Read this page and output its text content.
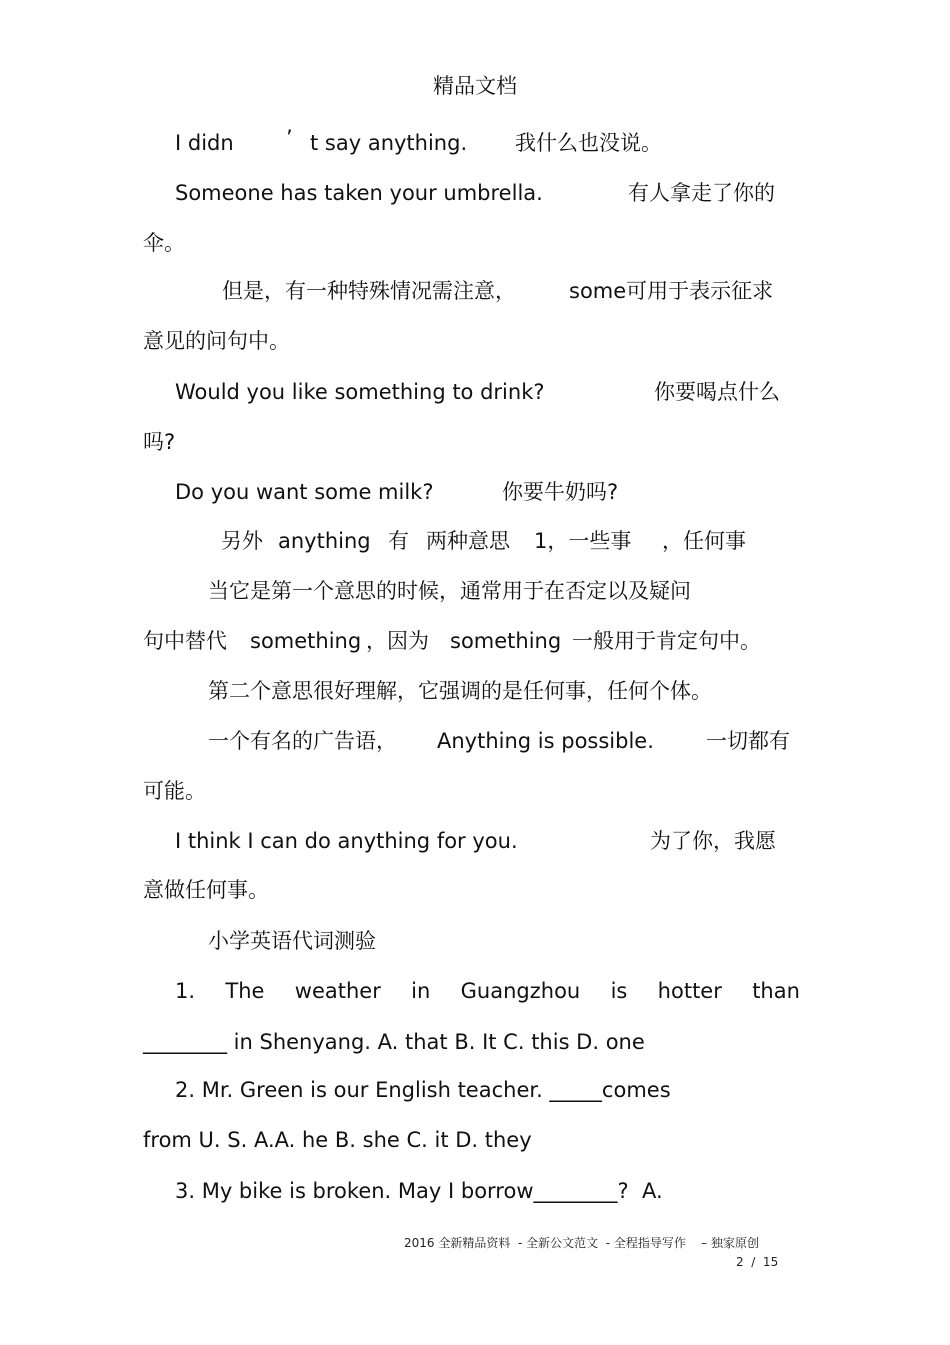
精品文档
I didn ’ t say anything. 我什么也没说。
Someone has taken your umbrella.	有人拿走了你的
伞。
但是，有一种特殊情况需注意，	some可用于表示征求
意见的问句中。
Would you like something to drink?	你要喝点什么
吗?
Do you want some milk?	你要牛奶吗?
另外 anything 有 两种意思 1，一些事 ，任何事
当它是第一个意思的时候，通常用于在否定以及疑问
句中替代 something ，因为 something 一般用于肯定句中。
第二个意思很好理解，它强调的是任何事，任何个体。
一个有名的广告语， Anything is possible. 一切都有
可能。
I think I can do anything for you.	为了你，我愿
意做任何事。
小学英语代词测验
1. The weather in Guangzhou is hotter than
________ in Shenyang. A. that B. It C. this D. one
2. Mr. Green is our English teacher. _____comes
from U. S. A.A. he B. she C. it D. they
3. My bike is broken. May I borrow________?  A.
2016 全新精品资料  - 全新公文范文  - 全程指导写作    – 独家原创
2  /  15
